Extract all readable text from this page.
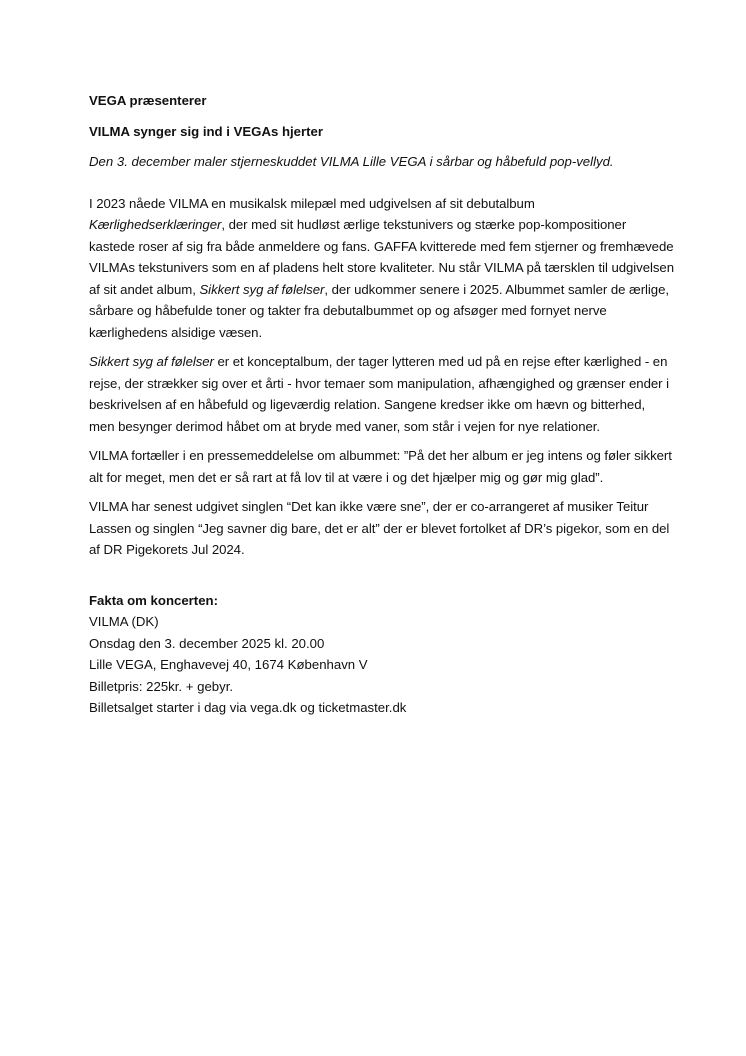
VEGA præsenterer
VILMA synger sig ind i VEGAs hjerter
Den 3. december maler stjerneskuddet VILMA Lille VEGA i sårbar og håbefuld pop-vellyd.

I 2023 nåede VILMA en musikalsk milepæl med udgivelsen af sit debutalbum Kærlighedserklæringer, der med sit hudløst ærlige tekstunivers og stærke pop-kompositioner kastede roser af sig fra både anmeldere og fans. GAFFA kvitterede med fem stjerner og fremhævede VILMAs tekstunivers som en af pladens helt store kvaliteter. Nu står VILMA på tærsklen til udgivelsen af sit andet album, Sikkert syg af følelser, der udkommer senere i 2025. Albummet samler de ærlige, sårbare og håbefulde toner og takter fra debutalbummet op og afsøger med fornyet nerve kærlighedens alsidige væsen.

Sikkert syg af følelser er et konceptalbum, der tager lytteren med ud på en rejse efter kærlighed - en rejse, der strækker sig over et årti - hvor temaer som manipulation, afhængighed og grænser ender i beskrivelsen af en håbefuld og ligeværdig relation. Sangene kredser ikke om hævn og bitterhed, men besynger derimod håbet om at bryde med vaner, som står i vejen for nye relationer.

VILMA fortæller i en pressemeddelelse om albummet: ”På det her album er jeg intens og føler sikkert alt for meget, men det er så rart at få lov til at være i og det hjælper mig og gør mig glad”.

VILMA har senest udgivet singlen “Det kan ikke være sne”, der er co-arrangeret af musiker Teitur Lassen og singlen “Jeg savner dig bare, det er alt” der er blevet fortolket af DR’s pigekor, som en del af DR Pigekorets Jul 2024.

Fakta om koncerten:
VILMA (DK)
Onsdag den 3. december 2025 kl. 20.00
Lille VEGA, Enghavevej 40, 1674 København V
Billetpris: 225kr. + gebyr.
Billetsalget starter i dag via vega.dk og ticketmaster.dk
